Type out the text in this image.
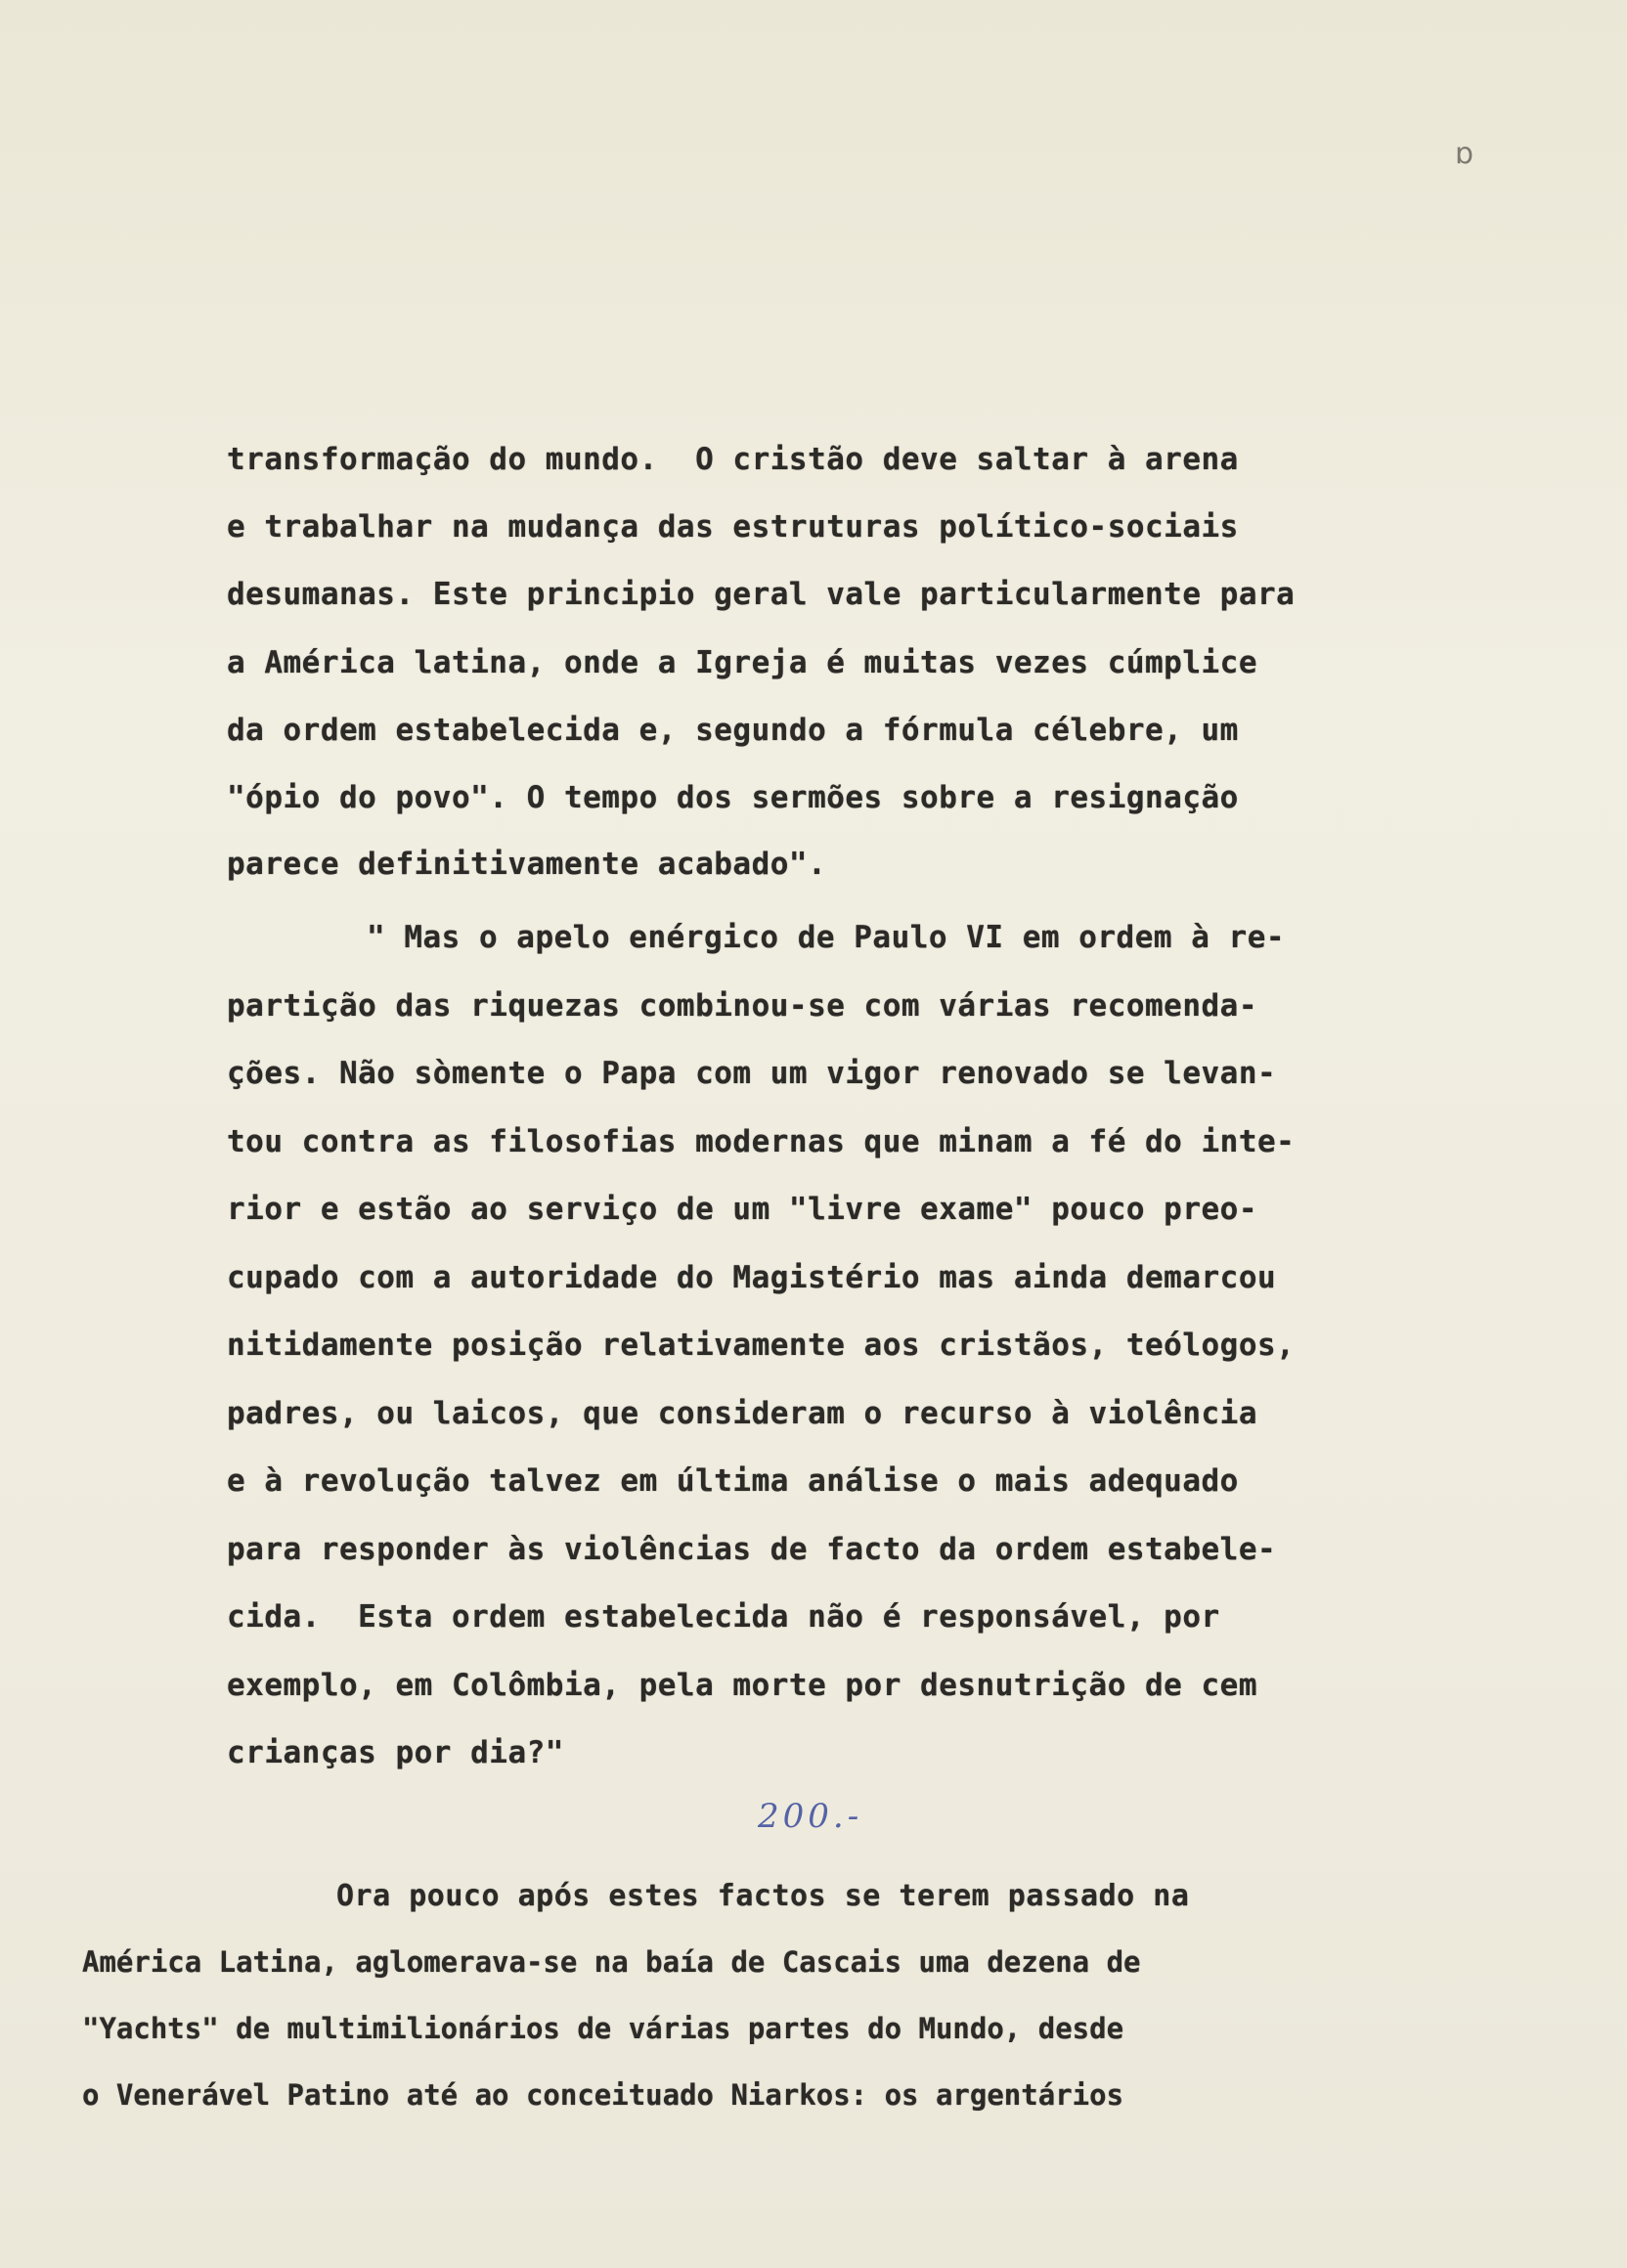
ɒ
transformação do mundo.  O cristão deve saltar à arena
e trabalhar na mudança das estruturas político-sociais
desumanas. Este principio geral vale particularmente para
a América latina, onde a Igreja é muitas vezes cúmplice
da ordem estabelecida e, segundo a fórmula célebre, um
"ópio do povo". O tempo dos sermões sobre a resignação
parece definitivamente acabado".
" Mas o apelo enérgico de Paulo VI em ordem à re-
partição das riquezas combinou-se com várias recomenda-
ções. Não sòmente o Papa com um vigor renovado se levan-
tou contra as filosofias modernas que minam a fé do inte-
rior e estão ao serviço de um "livre exame" pouco preo-
cupado com a autoridade do Magistério mas ainda demarcou
nitidamente posição relativamente aos cristãos, teólogos,
padres, ou laicos, que consideram o recurso à violência
e à revolução talvez em última análise o mais adequado
para responder às violências de facto da ordem estabele-
cida.  Esta ordem estabelecida não é responsável, por
exemplo, em Colômbia, pela morte por desnutrição de cem
crianças por dia?"
200.-
Ora pouco após estes factos se terem passado na
América Latina, aglomerava-se na baía de Cascais uma dezena de
"Yachts" de multimilionários de várias partes do Mundo, desde
o Venerável Patino até ao conceituado Niarkos: os argentários
